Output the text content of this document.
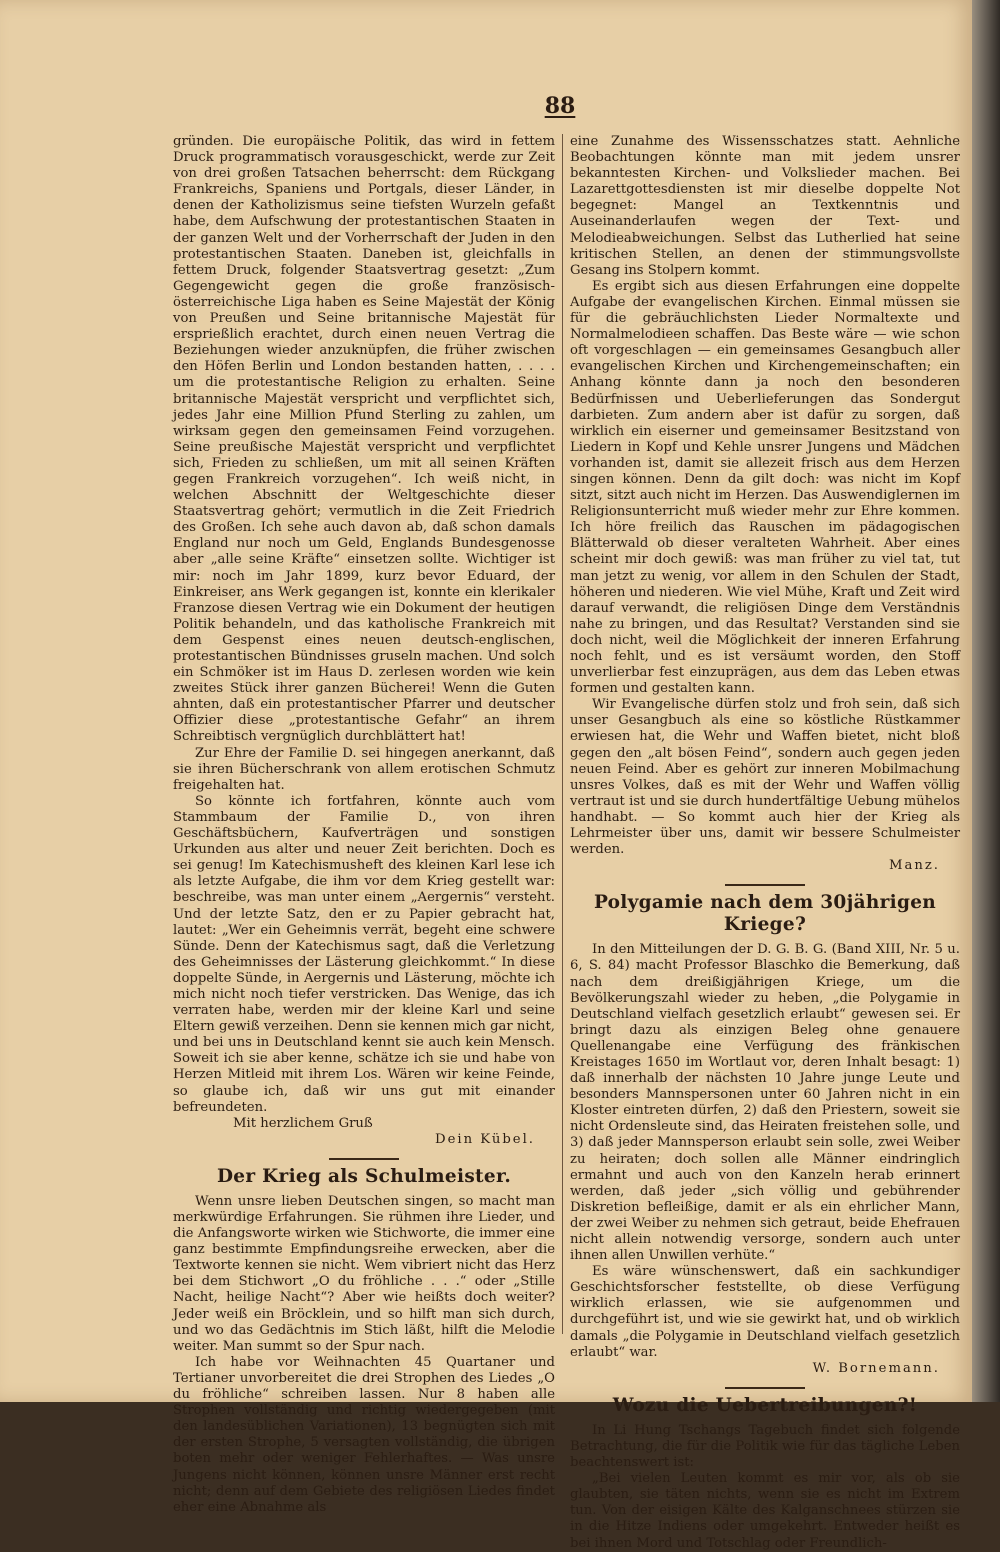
88

gründen. Die europäische Politik, das wird in fettem Druck programmatisch vorausgeschickt, werde zur Zeit von drei großen Tatsachen beherrscht: dem Rückgang Frankreichs, Spaniens und Portgals, dieser Länder, in denen der Katholizismus seine tiefsten Wurzeln gefaßt habe, dem Aufschwung der protestantischen Staaten in der ganzen Welt und der Vorherrschaft der Juden in den protestantischen Staaten. Daneben ist, gleichfalls in fettem Druck, folgender Staatsvertrag gesetzt: „Zum Gegengewicht gegen die große französisch-österreichische Liga haben es Seine Majestät der König von Preußen und Seine britannische Majestät für ersprießlich erachtet, durch einen neuen Vertrag die Beziehungen wieder anzuknüpfen, die früher zwischen den Höfen Berlin und London bestanden hatten, . . . . um die protestantische Religion zu erhalten. Seine britannische Majestät verspricht und verpflichtet sich, jedes Jahr eine Million Pfund Sterling zu zahlen, um wirksam gegen den gemeinsamen Feind vorzugehen. Seine preußische Majestät verspricht und verpflichtet sich, Frieden zu schließen, um mit all seinen Kräften gegen Frankreich vorzugehen“. Ich weiß nicht, in welchen Abschnitt der Weltgeschichte dieser Staatsvertrag gehört; vermutlich in die Zeit Friedrich des Großen. Ich sehe auch davon ab, daß schon damals England nur noch um Geld, Englands Bundesgenosse aber „alle seine Kräfte“ einsetzen sollte. Wichtiger ist mir: noch im Jahr 1899, kurz bevor Eduard, der Einkreiser, ans Werk gegangen ist, konnte ein klerikaler Franzose diesen Vertrag wie ein Dokument der heutigen Politik behandeln, und das katholische Frankreich mit dem Gespenst eines neuen deutsch-englischen, protestantischen Bündnisses gruseln machen. Und solch ein Schmöker ist im Haus D. zerlesen worden wie kein zweites Stück ihrer ganzen Bücherei! Wenn die Guten ahnten, daß ein protestantischer Pfarrer und deutscher Offizier diese „protestantische Gefahr“ an ihrem Schreibtisch vergnüglich durchblättert hat!

Zur Ehre der Familie D. sei hingegen anerkannt, daß sie ihren Bücherschrank von allem erotischen Schmutz freigehalten hat.

So könnte ich fortfahren, könnte auch vom Stammbaum der Familie D., von ihren Geschäftsbüchern, Kaufverträgen und sonstigen Urkunden aus alter und neuer Zeit berichten. Doch es sei genug! Im Katechismusheft des kleinen Karl lese ich als letzte Aufgabe, die ihm vor dem Krieg gestellt war: beschreibe, was man unter einem „Aergernis“ versteht. Und der letzte Satz, den er zu Papier gebracht hat, lautet: „Wer ein Geheimnis verrät, begeht eine schwere Sünde. Denn der Katechismus sagt, daß die Verletzung des Geheimnisses der Lästerung gleichkommt.“ In diese doppelte Sünde, in Aergernis und Lästerung, möchte ich mich nicht noch tiefer verstricken. Das Wenige, das ich verraten habe, werden mir der kleine Karl und seine Eltern gewiß verzeihen. Denn sie kennen mich gar nicht, und bei uns in Deutschland kennt sie auch kein Mensch. Soweit ich sie aber kenne, schätze ich sie und habe von Herzen Mitleid mit ihrem Los. Wären wir keine Feinde, so glaube ich, daß wir uns gut mit einander befreundeten.

Mit herzlichem Gruß

Dein Kübel.

Der Krieg als Schulmeister.

Wenn unsre lieben Deutschen singen, so macht man merkwürdige Erfahrungen. Sie rühmen ihre Lieder, und die Anfangsworte wirken wie Stichworte, die immer eine ganz bestimmte Empfindungsreihe erwecken, aber die Textworte kennen sie nicht. Wem vibriert nicht das Herz bei dem Stichwort „O du fröhliche . . .“ oder „Stille Nacht, heilige Nacht“? Aber wie heißts doch weiter? Jeder weiß ein Bröcklein, und so hilft man sich durch, und wo das Gedächtnis im Stich läßt, hilft die Melodie weiter. Man summt so der Spur nach.

Ich habe vor Weihnachten 45 Quartaner und Tertianer unvorbereitet die drei Strophen des Liedes „O du fröhliche“ schreiben lassen. Nur 8 haben alle Strophen vollständig und richtig wiedergegeben (mit den landesüblichen Variationen), 13 begnügten sich mit der ersten Strophe, 5 versagten vollständig, die übrigen boten mehr oder weniger Fehlerhaftes. — Was unsre Jungens nicht können, können unsre Männer erst recht nicht; denn auf dem Gebiete des religiösen Liedes findet eher eine Abnahme als

eine Zunahme des Wissensschatzes statt. Aehnliche Beobachtungen könnte man mit jedem unsrer bekanntesten Kirchen- und Volkslieder machen. Bei Lazarettgottesdiensten ist mir dieselbe doppelte Not begegnet: Mangel an Textkenntnis und Auseinanderlaufen wegen der Text- und Melodieabweichungen. Selbst das Lutherlied hat seine kritischen Stellen, an denen der stimmungsvollste Gesang ins Stolpern kommt.

Es ergibt sich aus diesen Erfahrungen eine doppelte Aufgabe der evangelischen Kirchen. Einmal müssen sie für die gebräuchlichsten Lieder Normaltexte und Normalmelodieen schaffen. Das Beste wäre — wie schon oft vorgeschlagen — ein gemeinsames Gesangbuch aller evangelischen Kirchen und Kirchengemeinschaften; ein Anhang könnte dann ja noch den besonderen Bedürfnissen und Ueberlieferungen das Sondergut darbieten. Zum andern aber ist dafür zu sorgen, daß wirklich ein eiserner und gemeinsamer Besitzstand von Liedern in Kopf und Kehle unsrer Jungens und Mädchen vorhanden ist, damit sie allezeit frisch aus dem Herzen singen können. Denn da gilt doch: was nicht im Kopf sitzt, sitzt auch nicht im Herzen. Das Auswendiglernen im Religionsunterricht muß wieder mehr zur Ehre kommen. Ich höre freilich das Rauschen im pädagogischen Blätterwald ob dieser veralteten Wahrheit. Aber eines scheint mir doch gewiß: was man früher zu viel tat, tut man jetzt zu wenig, vor allem in den Schulen der Stadt, höheren und niederen. Wie viel Mühe, Kraft und Zeit wird darauf verwandt, die religiösen Dinge dem Verständnis nahe zu bringen, und das Resultat? Verstanden sind sie doch nicht, weil die Möglichkeit der inneren Erfahrung noch fehlt, und es ist versäumt worden, den Stoff unverlierbar fest einzuprägen, aus dem das Leben etwas formen und gestalten kann.

Wir Evangelische dürfen stolz und froh sein, daß sich unser Gesangbuch als eine so köstliche Rüstkammer erwiesen hat, die Wehr und Waffen bietet, nicht bloß gegen den „alt bösen Feind“, sondern auch gegen jeden neuen Feind. Aber es gehört zur inneren Mobilmachung unsres Volkes, daß es mit der Wehr und Waffen völlig vertraut ist und sie durch hundertfältige Uebung mühelos handhabt. — So kommt auch hier der Krieg als Lehrmeister über uns, damit wir bessere Schulmeister werden.

Manz.

Polygamie nach dem 30jährigen Kriege?

In den Mitteilungen der D. G. B. G. (Band XIII, Nr. 5 u. 6, S. 84) macht Professor Blaschko die Bemerkung, daß nach dem dreißigjährigen Kriege, um die Bevölkerungszahl wieder zu heben, „die Polygamie in Deutschland vielfach gesetzlich erlaubt“ gewesen sei. Er bringt dazu als einzigen Beleg ohne genauere Quellenangabe eine Verfügung des fränkischen Kreistages 1650 im Wortlaut vor, deren Inhalt besagt: 1) daß innerhalb der nächsten 10 Jahre junge Leute und besonders Mannspersonen unter 60 Jahren nicht in ein Kloster eintreten dürfen, 2) daß den Priestern, soweit sie nicht Ordensleute sind, das Heiraten freistehen solle, und 3) daß jeder Mannsperson erlaubt sein solle, zwei Weiber zu heiraten; doch sollen alle Männer eindringlich ermahnt und auch von den Kanzeln herab erinnert werden, daß jeder „sich völlig und gebührender Diskretion befleißige, damit er als ein ehrlicher Mann, der zwei Weiber zu nehmen sich getraut, beide Ehefrauen nicht allein notwendig versorge, sondern auch unter ihnen allen Unwillen verhüte.“

Es wäre wünschenswert, daß ein sachkundiger Geschichtsforscher feststellte, ob diese Verfügung wirklich erlassen, wie sie aufgenommen und durchgeführt ist, und wie sie gewirkt hat, und ob wirklich damals „die Polygamie in Deutschland vielfach gesetzlich erlaubt“ war.

W. Bornemann.

Wozu die Uebertreibungen?!

In Li Hung Tschangs Tagebuch findet sich folgende Betrachtung, die für die Politik wie für das tägliche Leben beachtenswert ist:

„Bei vielen Leuten kommt es mir vor, als ob sie glaubten, sie täten nichts, wenn sie es nicht im Extrem tun. Von der eisigen Kälte des Kalganschnees stürzen sie in die Hitze Indiens oder umgekehrt. Entweder heißt es bei ihnen Mord und Totschlag oder Freundlich-
